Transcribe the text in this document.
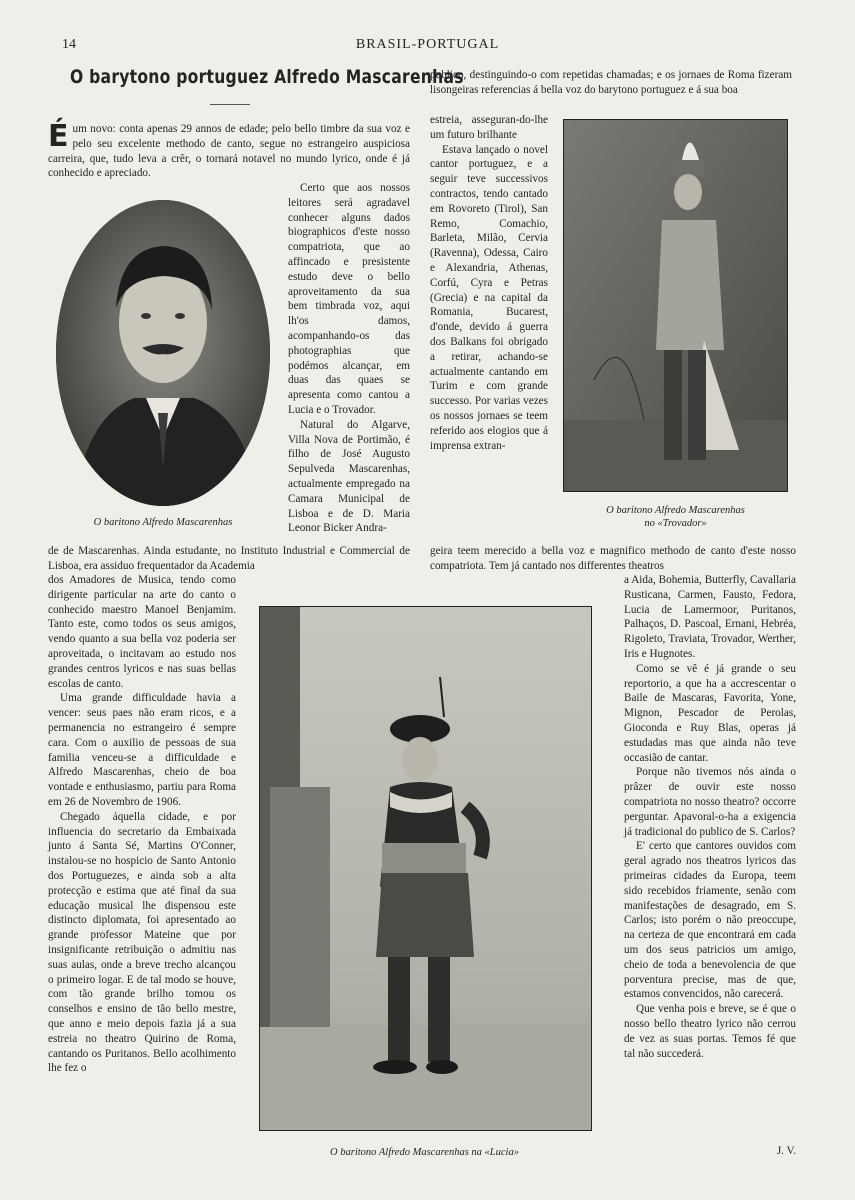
14	BRASIL-PORTUGAL
O barytono portuguez Alfredo Mascarenhas
Éum novo: conta apenas 29 annos de edade; pelo bello timbre da sua voz e pelo seu excelente methodo de canto, segue no estrangeiro auspiciosa carreira, que, tudo leva a crêr, o tornará notavel no mundo lyrico, onde é já conhecido e apreciado.
O baritono Alfredo Mascarenhas

Certo que aos nossos leitores será agradavel conhecer alguns dados biographicos d'este nosso compatriota, que ao affincado e presistente estudo deve o bello aproveitamento da sua bem timbrada voz, aqui lh'os damos, acompanhando-os das photographias que podémos alcançar, em duas das quaes se apresenta como cantou a Lucia e o Trovador.

Natural do Algarve, Villa Nova de Portimão, é filho de José Augusto Sepulveda Mascarenhas, actualmente empregado na Camara Municipal de Lisboa e de D. Maria Leonor Bicker Andra-

de de Mascarenhas. Ainda estudante, no Instituto Industrial e Commercial de Lisboa, era assiduo frequentador da Academia

dos Amadores de Musica, tendo como dirigente particular na arte do canto o conhecido maestro Manoel Benjamim. Tanto este, como todos os seus amigos, vendo quanto a sua bella voz poderia ser aproveitada, o incitavam ao estudo nos grandes centros lyricos e nas suas bellas escolas de canto.

Uma grande difficuldade havia a vencer: seus paes não eram ricos, e a permanencia no estrangeiro é sempre cara. Com o auxilio de pessoas de sua familia venceu-se a difficuldade e Alfredo Mascarenhas, cheio de boa vontade e enthusiasmo, partiu para Roma em 26 de Novembro de 1906.

Chegado áquella cidade, e por influencia do secretario da Embaixada junto á Santa Sé, Martins O'Conner, instalou-se no hospicio de Santo Antonio dos Portuguezes, e ainda sob a alta protecção e estima que até final da sua educação musical lhe dispensou este distincto diplomata, foi apresentado ao grande professor Mateine que por insignificante retribuição o admitiu nas suas aulas, onde a breve trecho alcançou o primeiro logar. E de tal modo se houve, com tão grande brilho tomou os conselhos e ensino de tão bello mestre, que anno e meio depois fazia já a sua estreia no theatro Quirino de Roma, cantando os Puritanos. Bello acolhimento lhe fez o

publico, destinguindo-o com repetidas chamadas; e os jornaes de Roma fizeram lisongeiras referencias á bella voz do barytono portuguez e á sua boa

estreia, asseguran-do-lhe um futuro brilhante

Estava lançado o novel cantor portuguez, e a seguir teve successivos contractos, tendo cantado em Rovoreto (Tirol), San Remo, Comachio, Barleta, Milão, Cervia (Ravenna), Odessa, Cairo e Alexandria, Athenas, Corfú, Cyra e Petras (Grecia) e na capital da Romania, Bucarest, d'onde, devido á guerra dos Balkans foi obrigado a retirar, achando-se actualmente cantando em Turim e com grande successo. Por varias vezes os nossos jornaes se teem referido aos elogios que á imprensa extran-

O baritono Alfredo Mascarenhas
no «Trovador»

geira teem merecido a bella voz e magnifico methodo de canto d'este nosso compatriota. Tem já cantado nos differentes theatros

a Aida, Bohemia, Butterfly, Cavallaria Rusticana, Carmen, Fausto, Fedora, Lucia de Lamermoor, Puritanos, Palhaços, D. Pascoal, Ernani, Hebréa, Rigoleto, Traviata, Trovador, Werther, Iris e Hugnotes.

Como se vê é já grande o seu reportorio, a que ha a accrescentar o Baile de Mascaras, Favorita, Yone, Mignon, Pescador de Perolas, Gioconda e Ruy Blas, operas já estudadas mas que ainda não teve occasião de cantar.

Porque não tivemos nós ainda o prâzer de ouvir este nosso compatriota no nosso theatro? occorre perguntar. Apavoral-o-ha a exigencia já tradicional do publico de S. Carlos?

E' certo que cantores ouvidos com geral agrado nos theatros lyricos das primeiras cidades da Europa, teem sido recebidos friamente, senão com manifestações de desagrado, em S. Carlos; isto porém o não preoccupe, na certeza de que encontrará em cada um dos seus patricios um amigo, cheio de toda a benevolencia de que porventura precise, mas de que, estamos convencidos, não carecerá.

Que venha pois e breve, se é que o nosso bello theatro lyrico não cerrou de vez as suas portas. Temos fé que tal não succederá.

J. V.
O baritono Alfredo Mascarenhas na «Lucia»
